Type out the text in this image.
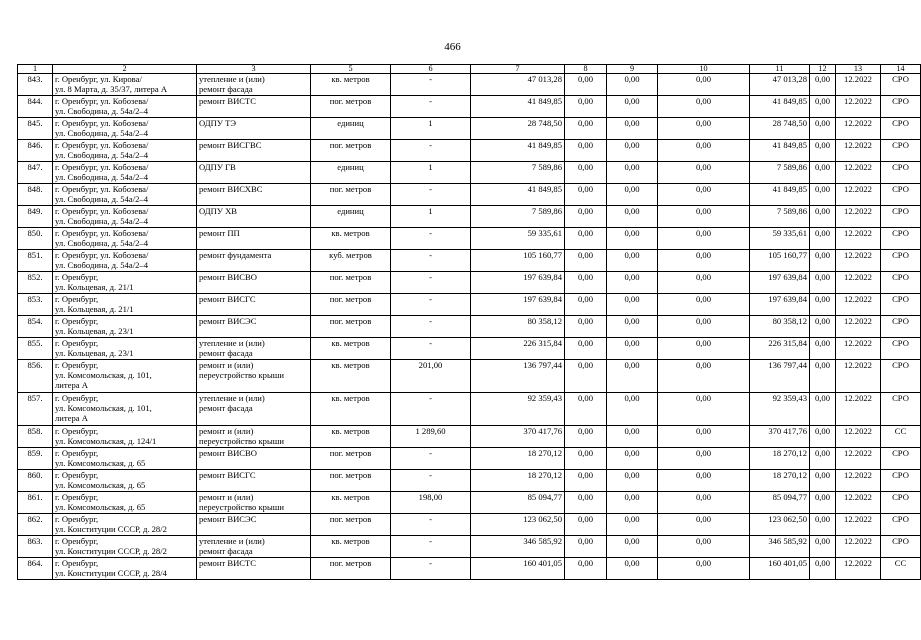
466
1	2	3	5	6	7	8	9	10	11	12	13	14
843.	г. Оренбург, ул. Кирова/
ул. 8 Марта, д. 35/37, литера А	утепление и (или)
ремонт фасада	кв. метров	-	47 013,28	0,00	0,00	0,00	47 013,28	0,00	12.2022	СРО
844.	г. Оренбург, ул. Кобозева/
ул. Свободина, д. 54а/2–4	ремонт ВИСТС	пог. метров	-	41 849,85	0,00	0,00	0,00	41 849,85	0,00	12.2022	СРО
845.	г. Оренбург, ул. Кобозева/
ул. Свободина, д. 54а/2–4	ОДПУ ТЭ	единиц	1	28 748,50	0,00	0,00	0,00	28 748,50	0,00	12.2022	СРО
846.	г. Оренбург, ул. Кобозева/
ул. Свободина, д. 54а/2–4	ремонт ВИСГВС	пог. метров	-	41 849,85	0,00	0,00	0,00	41 849,85	0,00	12.2022	СРО
847.	г. Оренбург, ул. Кобозева/
ул. Свободина, д. 54а/2–4	ОДПУ ГВ	единиц	1	7 589,86	0,00	0,00	0,00	7 589,86	0,00	12.2022	СРО
848.	г. Оренбург, ул. Кобозева/
ул. Свободина, д. 54а/2–4	ремонт ВИСХВС	пог. метров	-	41 849,85	0,00	0,00	0,00	41 849,85	0,00	12.2022	СРО
849.	г. Оренбург, ул. Кобозева/
ул. Свободина, д. 54а/2–4	ОДПУ ХВ	единиц	1	7 589,86	0,00	0,00	0,00	7 589,86	0,00	12.2022	СРО
850.	г. Оренбург, ул. Кобозева/
ул. Свободина, д. 54а/2–4	ремонт ПП	кв. метров	-	59 335,61	0,00	0,00	0,00	59 335,61	0,00	12.2022	СРО
851.	г. Оренбург, ул. Кобозева/
ул. Свободина, д. 54а/2–4	ремонт фундамента	куб. метров	-	105 160,77	0,00	0,00	0,00	105 160,77	0,00	12.2022	СРО
852.	г. Оренбург,
ул. Кольцевая, д. 21/1	ремонт ВИСВО	пог. метров	-	197 639,84	0,00	0,00	0,00	197 639,84	0,00	12.2022	СРО
853.	г. Оренбург,
ул. Кольцевая, д. 21/1	ремонт ВИСГС	пог. метров	-	197 639,84	0,00	0,00	0,00	197 639,84	0,00	12.2022	СРО
854.	г. Оренбург,
ул. Кольцевая, д. 23/1	ремонт ВИСЭС	пог. метров	-	80 358,12	0,00	0,00	0,00	80 358,12	0,00	12.2022	СРО
855.	г. Оренбург,
ул. Кольцевая, д. 23/1	утепление и (или)
ремонт фасада	кв. метров	-	226 315,84	0,00	0,00	0,00	226 315,84	0,00	12.2022	СРО
856.	г. Оренбург,
ул. Комсомольская, д. 101,
литера А	ремонт и (или)
переустройство крыши	кв. метров	201,00	136 797,44	0,00	0,00	0,00	136 797,44	0,00	12.2022	СРО
857.	г. Оренбург,
ул. Комсомольская, д. 101,
литера А	утепление и (или)
ремонт фасада	кв. метров	-	92 359,43	0,00	0,00	0,00	92 359,43	0,00	12.2022	СРО
858.	г. Оренбург,
ул. Комсомольская, д. 124/1	ремонт и (или)
переустройство крыши	кв. метров	1 289,60	370 417,76	0,00	0,00	0,00	370 417,76	0,00	12.2022	СС
859.	г. Оренбург,
ул. Комсомольская, д. 65	ремонт ВИСВО	пог. метров	-	18 270,12	0,00	0,00	0,00	18 270,12	0,00	12.2022	СРО
860.	г. Оренбург,
ул. Комсомольская, д. 65	ремонт ВИСГС	пог. метров	-	18 270,12	0,00	0,00	0,00	18 270,12	0,00	12.2022	СРО
861.	г. Оренбург,
ул. Комсомольская, д. 65	ремонт и (или)
переустройство крыши	кв. метров	198,00	85 094,77	0,00	0,00	0,00	85 094,77	0,00	12.2022	СРО
862.	г. Оренбург,
ул. Конституции СССР, д. 28/2	ремонт ВИСЭС	пог. метров	-	123 062,50	0,00	0,00	0,00	123 062,50	0,00	12.2022	СРО
863.	г. Оренбург,
ул. Конституции СССР, д. 28/2	утепление и (или)
ремонт фасада	кв. метров	-	346 585,92	0,00	0,00	0,00	346 585,92	0,00	12.2022	СРО
864.	г. Оренбург,
ул. Конституции СССР, д. 28/4	ремонт ВИСТС	пог. метров	-	160 401,05	0,00	0,00	0,00	160 401,05	0,00	12.2022	СС
